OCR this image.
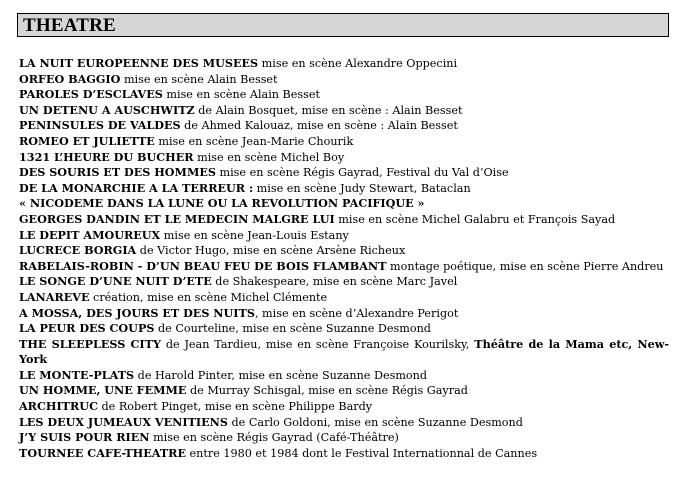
THEATRE
LA NUIT EUROPEENNE DES MUSEES mise en scène Alexandre Oppecini
ORFEO BAGGIO mise en scène Alain Besset
PAROLES D’ESCLAVES mise en scène Alain Besset
UN DETENU A AUSCHWITZ de Alain Bosquet, mise en scène : Alain Besset
PENINSULES DE VALDES de Ahmed Kalouaz, mise en scène : Alain Besset
ROMEO ET JULIETTE mise en scène Jean-Marie Chourik
1321 L’HEURE DU BUCHER mise en scène Michel Boy
DES SOURIS ET DES HOMMES mise en scène Régis Gayrad, Festival du Val d’Oise
DE LA MONARCHIE A LA TERREUR : mise en scène Judy Stewart, Bataclan
« NICODEME DANS LA LUNE OU LA REVOLUTION PACIFIQUE »
GEORGES DANDIN ET LE MEDECIN MALGRE LUI mise en scène Michel Galabru et François Sayad
LE DEPIT AMOUREUX mise en scène Jean-Louis Estany
LUCRECE BORGIA de Victor Hugo, mise en scène Arsène Richeux
RABELAIS-ROBIN - D’UN BEAU FEU DE BOIS FLAMBANT montage poétique, mise en scène Pierre Andreu
LE SONGE D’UNE NUIT D’ETE de Shakespeare, mise en scène Marc Javel
LANAREVE création, mise en scène Michel Clémente
A MOSSA, DES JOURS ET DES NUITS, mise en scène d’Alexandre Perigot
LA PEUR DES COUPS de Courteline, mise en scène Suzanne Desmond
THE SLEEPLESS CITY de Jean Tardieu, mise en scène Françoise Kourilsky, Théâtre de la Mama etc, New-York
LE MONTE-PLATS de Harold Pinter, mise en scène Suzanne Desmond
UN HOMME, UNE FEMME de Murray Schisgal, mise en scène Régis Gayrad
ARCHITRUC de Robert Pinget, mise en scène Philippe Bardy
LES DEUX JUMEAUX VENITIENS de Carlo Goldoni, mise en scène Suzanne Desmond
J’Y SUIS POUR RIEN mise en scène Régis Gayrad (Café-Théâtre)
TOURNEE CAFE-THEATRE entre 1980 et 1984 dont le Festival Internationnal de Cannes
